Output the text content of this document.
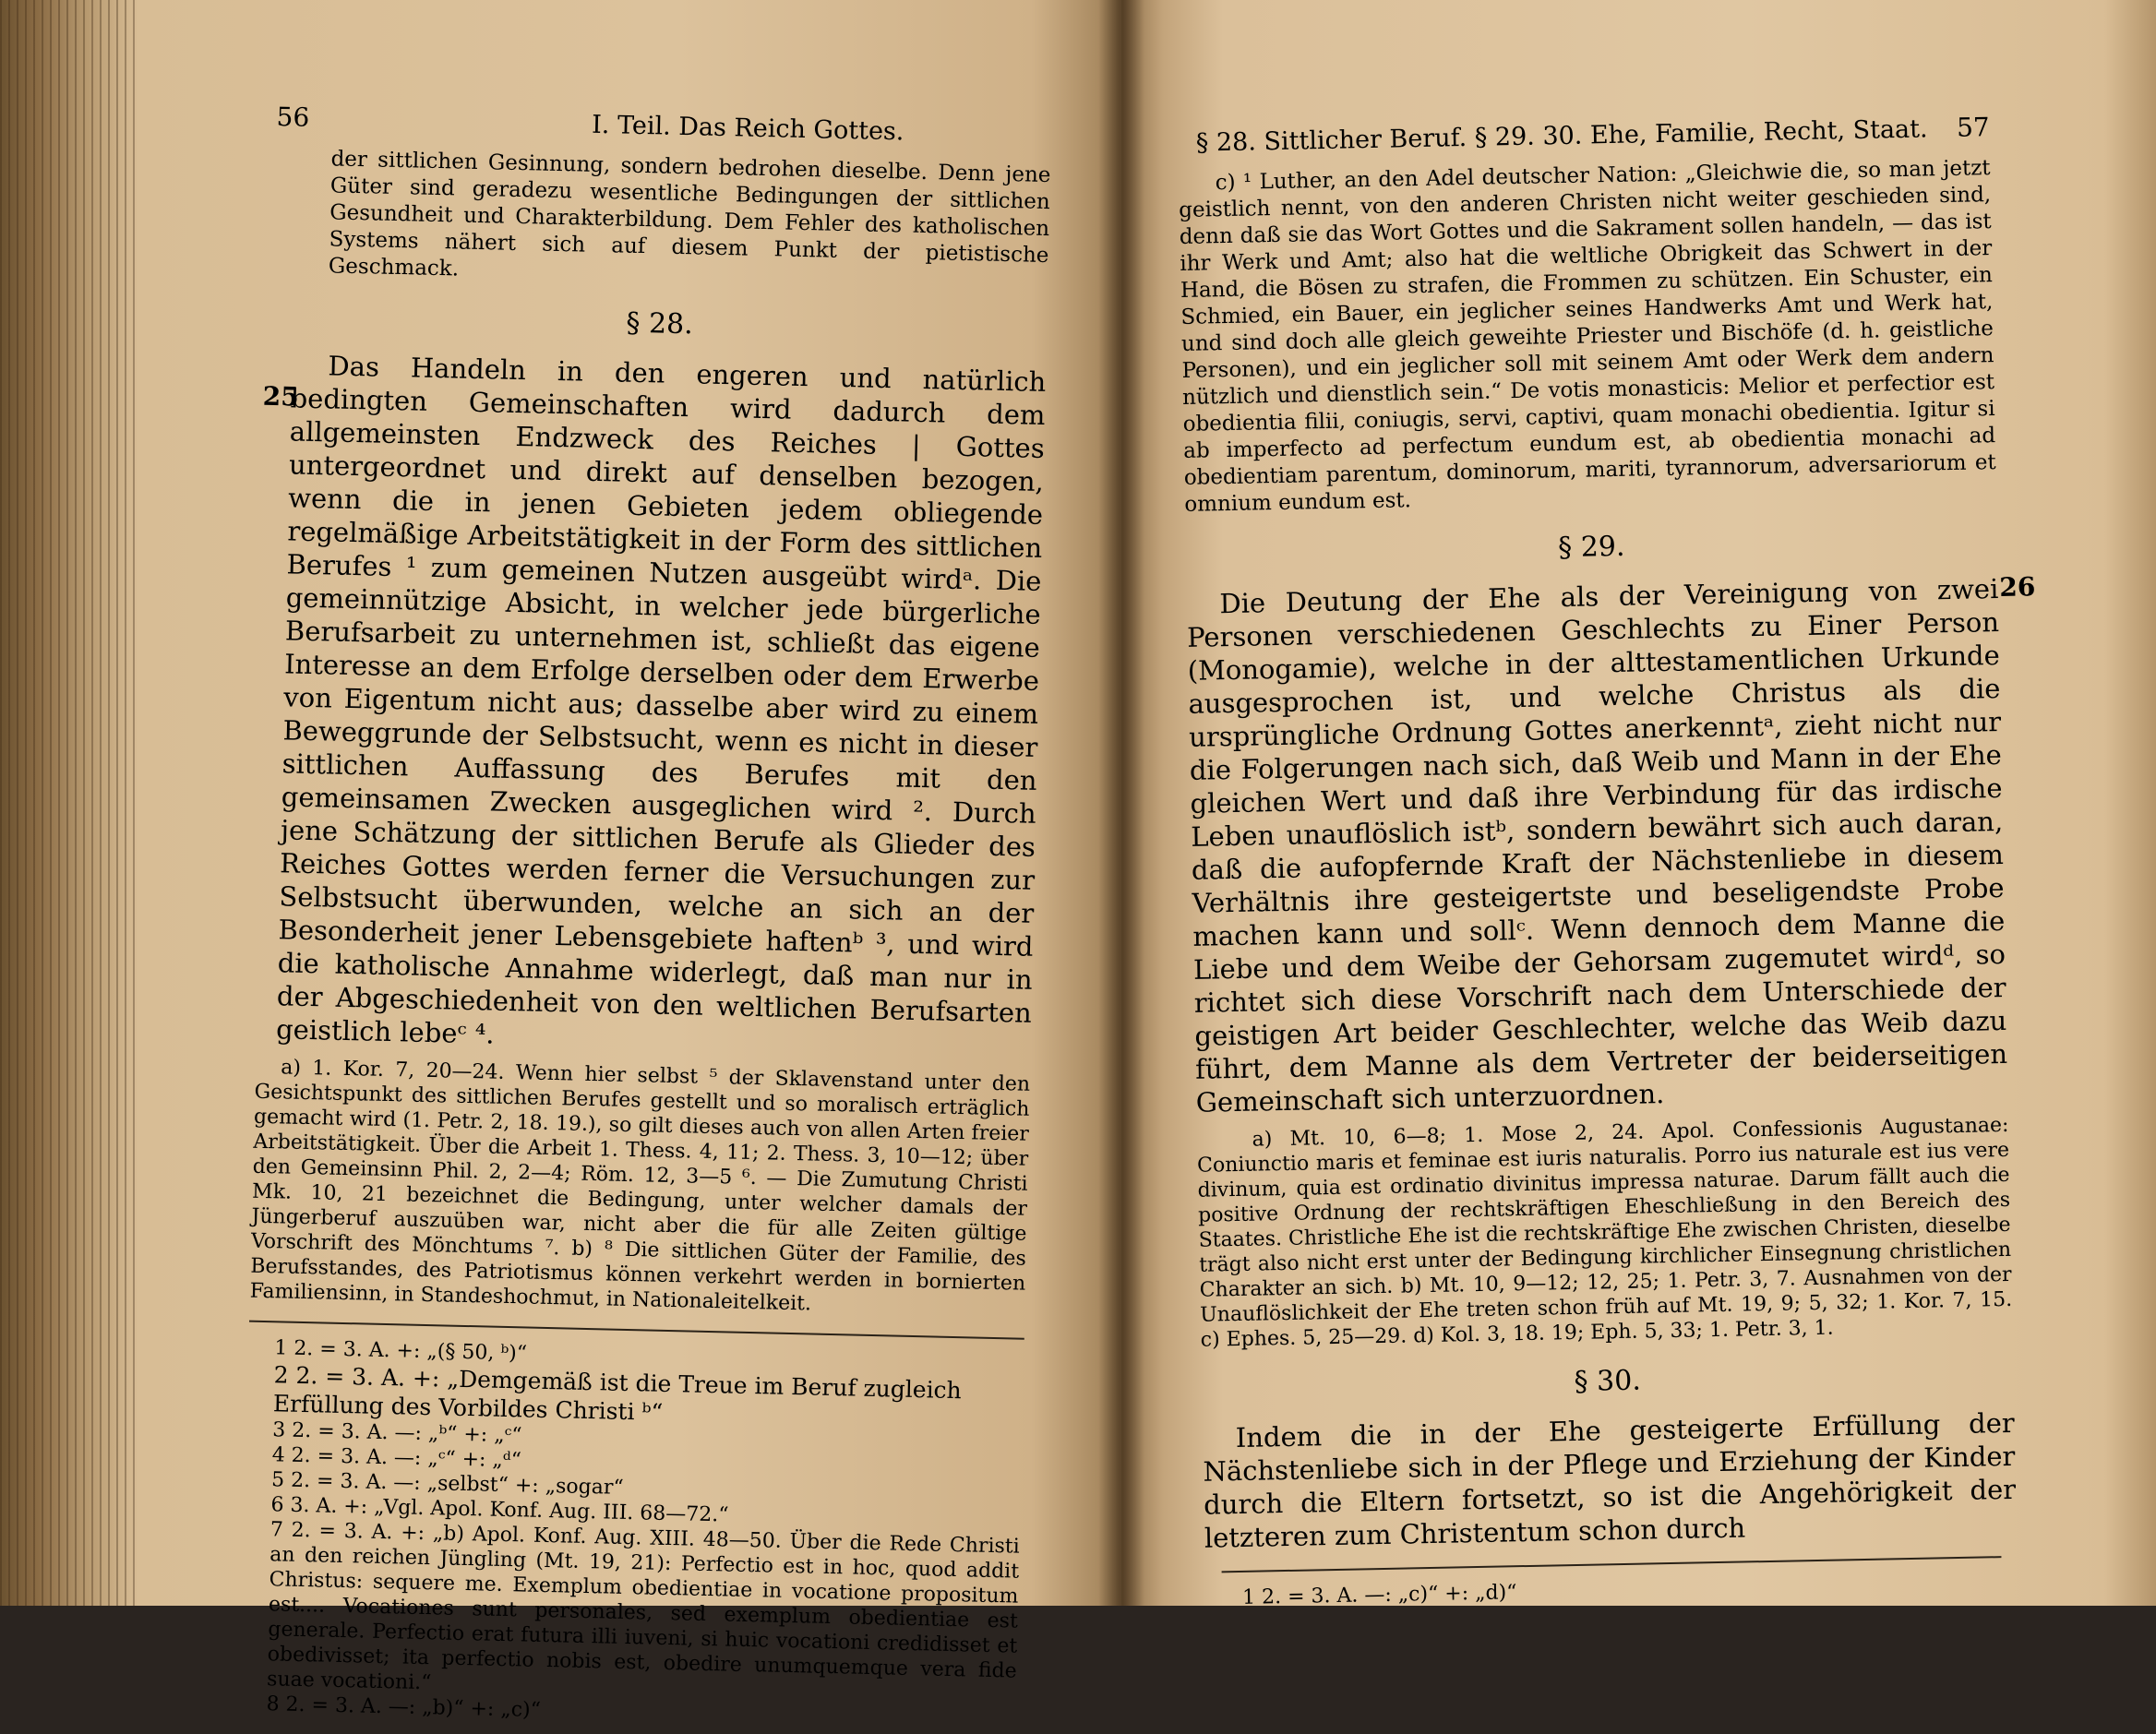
56	I. Teil. Das Reich Gottes.

der sittlichen Gesinnung, sondern bedrohen dieselbe. Denn jene Güter sind geradezu wesentliche Bedingungen der sittlichen Gesundheit und Charakterbildung. Dem Fehler des katholischen Systems nähert sich auf diesem Punkt der pietistische Geschmack.

§ 28.
25	Das Handeln in den engeren und natürlich bedingten Gemeinschaften wird dadurch dem allgemeinsten Endzweck des Reiches | Gottes untergeordnet und direkt auf denselben bezogen, wenn die in jenen Gebieten jedem obliegende regelmäßige Arbeitstätigkeit in der Form des sittlichen Berufes ¹ zum gemeinen Nutzen ausgeübt wirdᵃ. Die gemeinnützige Absicht, in welcher jede bürgerliche Berufsarbeit zu unternehmen ist, schließt das eigene Interesse an dem Erfolge derselben oder dem Erwerbe von Eigentum nicht aus; dasselbe aber wird zu einem Beweggrunde der Selbstsucht, wenn es nicht in dieser sittlichen Auffassung des Berufes mit den gemeinsamen Zwecken ausgeglichen wird ². Durch jene Schätzung der sittlichen Berufe als Glieder des Reiches Gottes werden ferner die Versuchungen zur Selbstsucht überwunden, welche an sich an der Besonderheit jener Lebensgebiete haftenᵇ ³, und wird die katholische Annahme widerlegt, daß man nur in der Abgeschiedenheit von den weltlichen Berufsarten geistlich lebeᶜ ⁴.

a) 1. Kor. 7, 20—24. Wenn hier selbst ⁵ der Sklavenstand unter den Gesichtspunkt des sittlichen Berufes gestellt und so moralisch erträglich gemacht wird (1. Petr. 2, 18. 19.), so gilt dieses auch von allen Arten freier Arbeitstätigkeit. Über die Arbeit 1. Thess. 4, 11; 2. Thess. 3, 10—12; über den Gemeinsinn Phil. 2, 2—4; Röm. 12, 3—5 ⁶. — Die Zumutung Christi Mk. 10, 21 bezeichnet die Bedingung, unter welcher damals der Jüngerberuf auszuüben war, nicht aber die für alle Zeiten gültige Vorschrift des Mönchtums ⁷. b) ⁸ Die sittlichen Güter der Familie, des Berufsstandes, des Patriotismus können verkehrt werden in bornierten Familiensinn, in Standeshochmut, in Nationaleitelkeit.

1 2. = 3. A. +: „(§ 50, ᵇ)“

2 2. = 3. A. +: „Demgemäß ist die Treue im Beruf zugleich Erfüllung des Vorbildes Christi ᵇ“

3 2. = 3. A. —: „ᵇ“ +: „ᶜ“

4 2. = 3. A. —: „ᶜ“ +: „ᵈ“

5 2. = 3. A. —: „selbst“ +: „sogar“

6 3. A. +: „Vgl. Apol. Konf. Aug. III. 68—72.“

7 2. = 3. A. +: „b) Apol. Konf. Aug. XIII. 48—50. Über die Rede Christi an den reichen Jüngling (Mt. 19, 21): Perfectio est in hoc, quod addit Christus: sequere me. Exemplum obedientiae in vocatione propositum est.... Vocationes sunt personales, sed exemplum obedientiae est generale. Perfectio erat futura illi iuveni, si huic vocationi credidisset et obedivisset; ita perfectio nobis est, obedire unumquemque vera fide suae vocationi.“

8 2. = 3. A. —: „b)“ +: „c)“

§ 28. Sittlicher Beruf. § 29. 30. Ehe, Familie, Recht, Staat. 57

c) ¹ Luther, an den Adel deutscher Nation: „Gleichwie die, so man jetzt geistlich nennt, von den anderen Christen nicht weiter geschieden sind, denn daß sie das Wort Gottes und die Sakrament sollen handeln, — das ist ihr Werk und Amt; also hat die weltliche Obrigkeit das Schwert in der Hand, die Bösen zu strafen, die Frommen zu schützen. Ein Schuster, ein Schmied, ein Bauer, ein jeglicher seines Handwerks Amt und Werk hat, und sind doch alle gleich geweihte Priester und Bischöfe (d. h. geistliche Personen), und ein jeglicher soll mit seinem Amt oder Werk dem andern nützlich und dienstlich sein.“ De votis monasticis: Melior et perfectior est obedientia filii, coniugis, servi, captivi, quam monachi obedientia. Igitur si ab imperfecto ad perfectum eundum est, ab obedientia monachi ad obedientiam parentum, dominorum, mariti, tyrannorum, adversariorum et omnium eundum est.

§ 29.
26

Die Deutung der Ehe als der Vereinigung von zwei Personen verschiedenen Geschlechts zu Einer Person (Monogamie), welche in der alttestamentlichen Urkunde ausgesprochen ist, und welche Christus als die ursprüngliche Ordnung Gottes anerkenntᵃ, zieht nicht nur die Folgerungen nach sich, daß Weib und Mann in der Ehe gleichen Wert und daß ihre Verbindung für das irdische Leben unauflöslich istᵇ, sondern bewährt sich auch daran, daß die aufopfernde Kraft der Nächstenliebe in diesem Verhältnis ihre gesteigertste und beseligendste Probe machen kann und sollᶜ. Wenn dennoch dem Manne die Liebe und dem Weibe der Gehorsam zugemutet wirdᵈ, so richtet sich diese Vorschrift nach dem Unterschiede der geistigen Art beider Geschlechter, welche das Weib dazu führt, dem Manne als dem Vertreter der beiderseitigen Gemeinschaft sich unterzuordnen.

a) Mt. 10, 6—8; 1. Mose 2, 24. Apol. Confessionis Augustanae: Coniunctio maris et feminae est iuris naturalis. Porro ius naturale est ius vere divinum, quia est ordinatio divinitus impressa naturae. Darum fällt auch die positive Ordnung der rechtskräftigen Eheschließung in den Bereich des Staates. Christliche Ehe ist die rechtskräftige Ehe zwischen Christen, dieselbe trägt also nicht erst unter der Bedingung kirchlicher Einsegnung christlichen Charakter an sich. b) Mt. 10, 9—12; 12, 25; 1. Petr. 3, 7. Ausnahmen von der Unauflöslichkeit der Ehe treten schon früh auf Mt. 19, 9; 5, 32; 1. Kor. 7, 15. c) Ephes. 5, 25—29. d) Kol. 3, 18. 19; Eph. 5, 33; 1. Petr. 3, 1.

§ 30.

Indem die in der Ehe gesteigerte Erfüllung der Nächstenliebe sich in der Pflege und Erziehung der Kinder durch die Eltern fortsetzt, so ist die Angehörigkeit der letzteren zum Christentum schon durch

1 2. = 3. A. —: „c)“ +: „d)“
